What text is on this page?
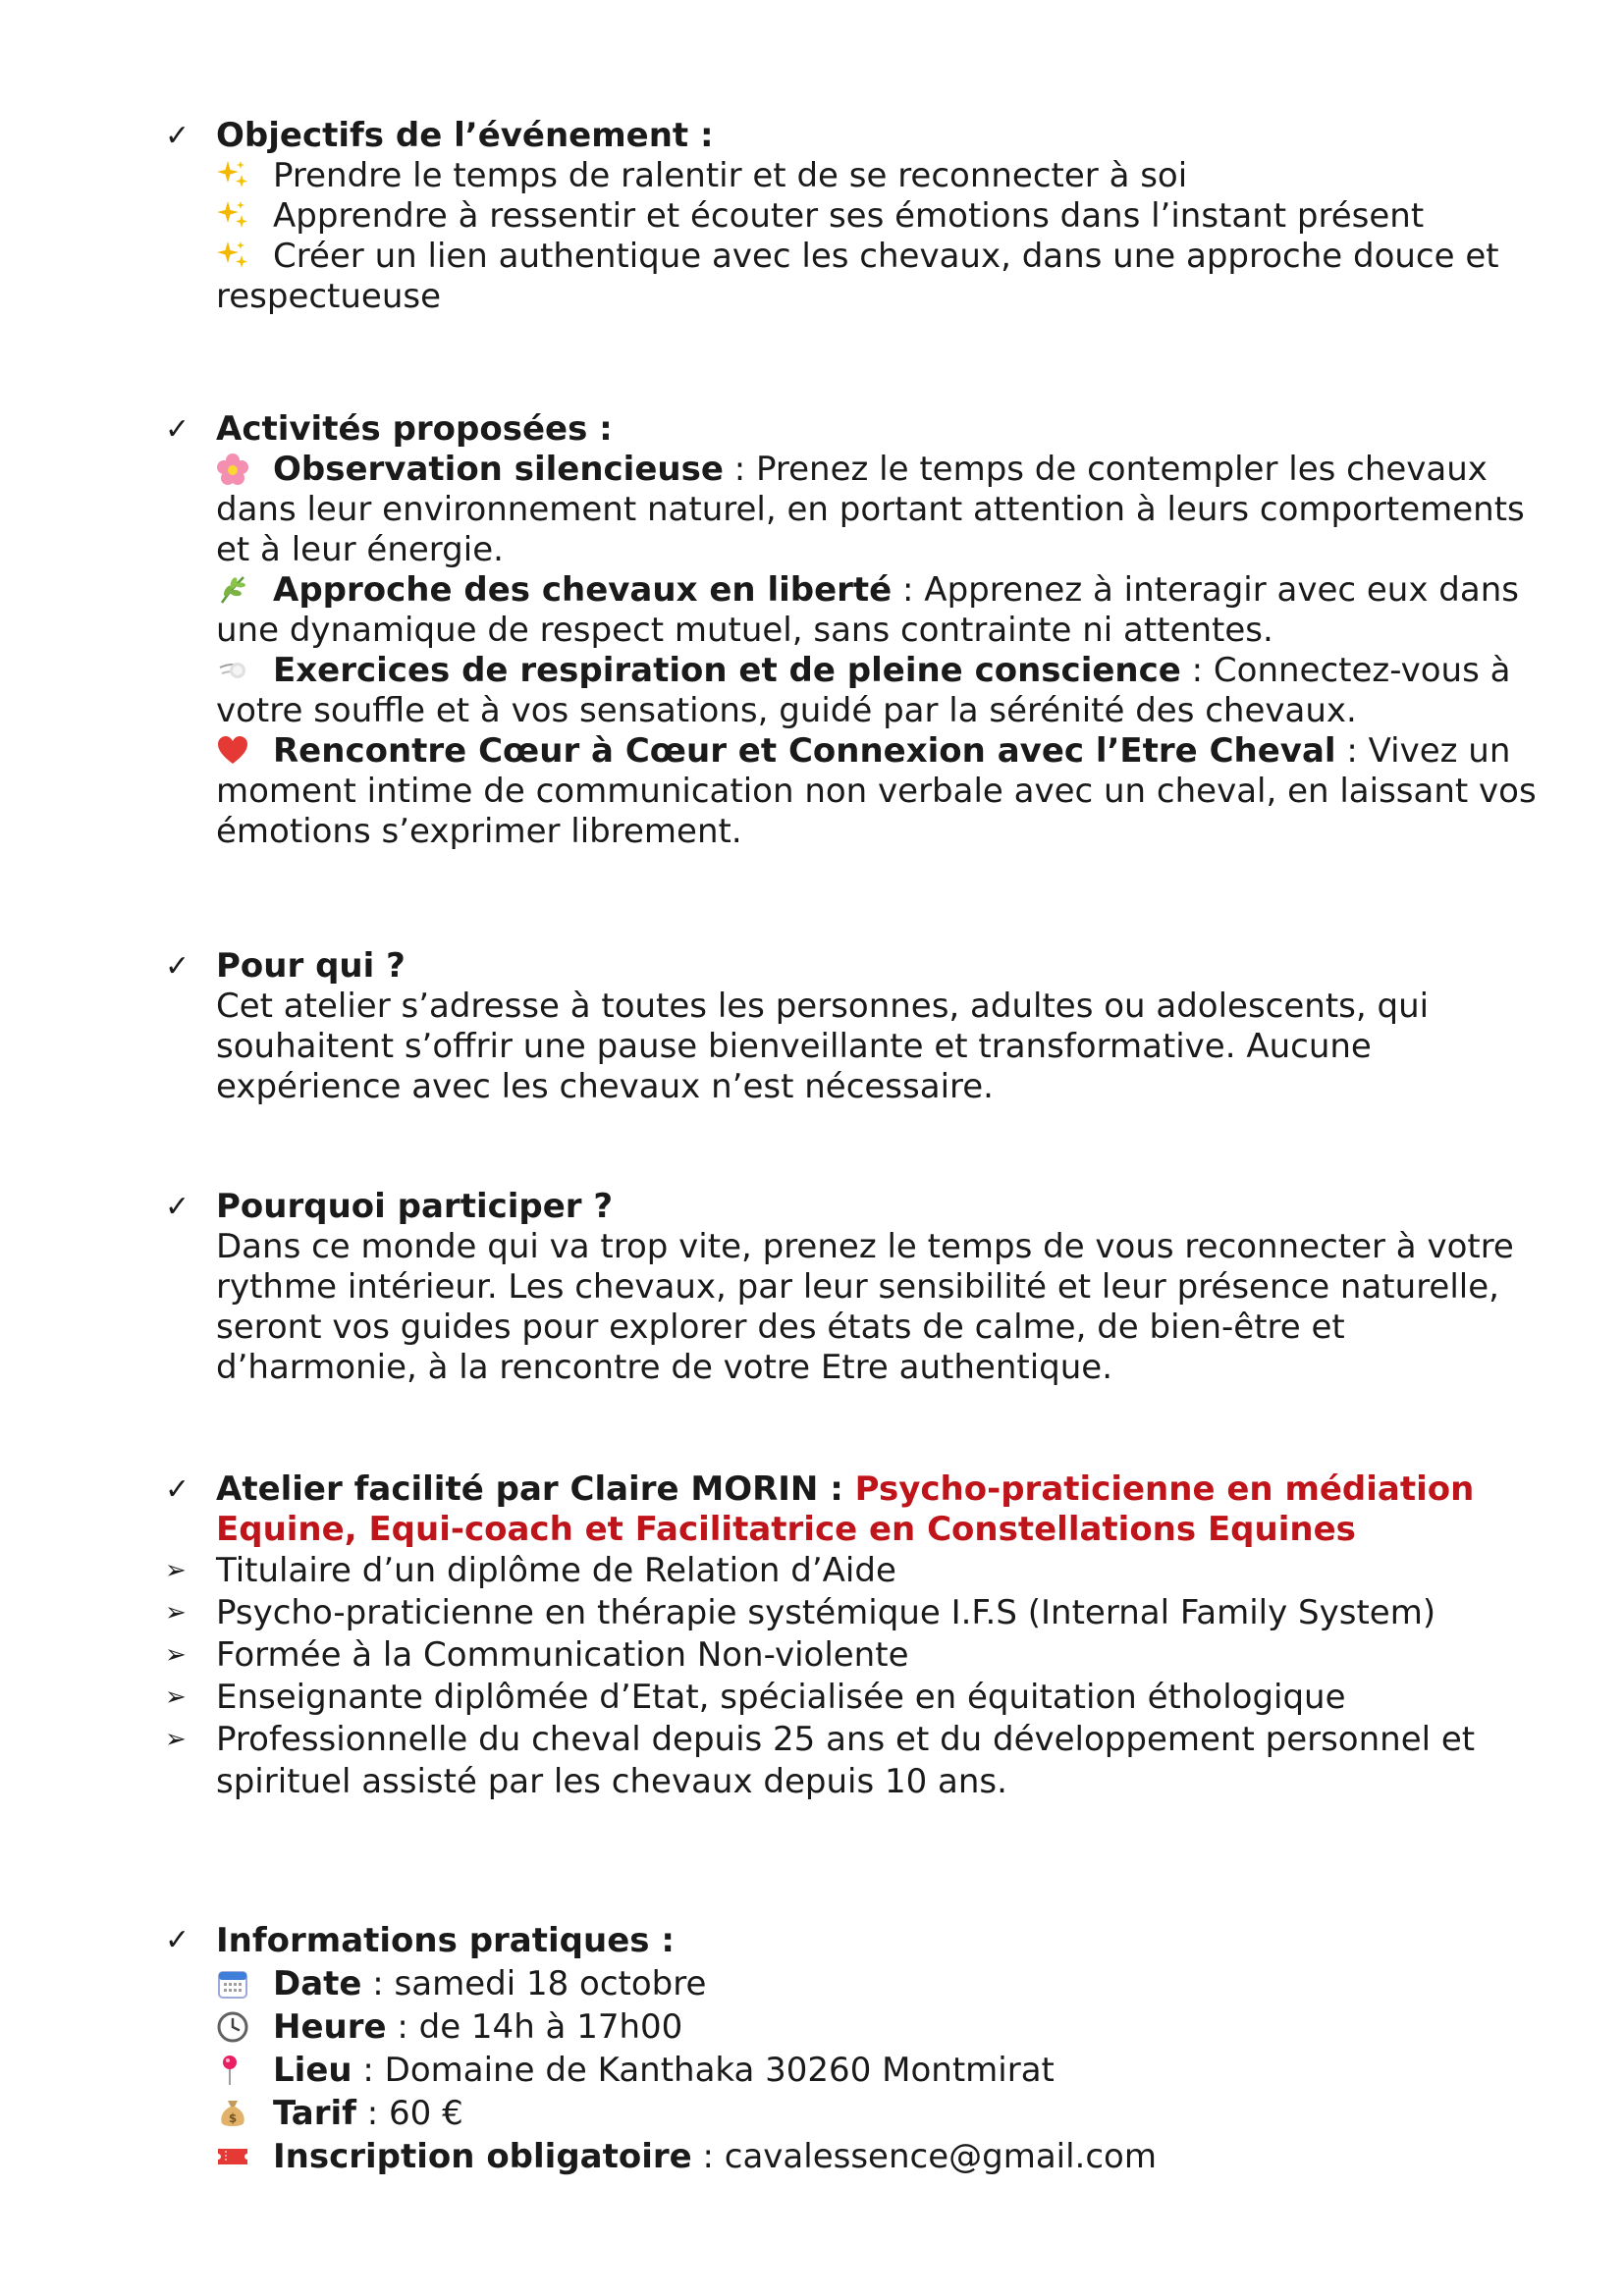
✓ Objectifs de l’événement :
Prendre le temps de ralentir et de se reconnecter à soi
Apprendre à ressentir et écouter ses émotions dans l’instant présent
Créer un lien authentique avec les chevaux, dans une approche douce et respectueuse
✓ Activités proposées :
Observation silencieuse : Prenez le temps de contempler les chevaux dans leur environnement naturel, en portant attention à leurs comportements et à leur énergie.
Approche des chevaux en liberté : Apprenez à interagir avec eux dans une dynamique de respect mutuel, sans contrainte ni attentes.
Exercices de respiration et de pleine conscience : Connectez-vous à votre souffle et à vos sensations, guidé par la sérénité des chevaux.
Rencontre Cœur à Cœur et Connexion avec l’Etre Cheval : Vivez un moment intime de communication non verbale avec un cheval, en laissant vos émotions s’exprimer librement.
✓ Pour qui ?
Cet atelier s’adresse à toutes les personnes, adultes ou adolescents, qui souhaitent s’offrir une pause bienveillante et transformative. Aucune expérience avec les chevaux n’est nécessaire.
✓ Pourquoi participer ?
Dans ce monde qui va trop vite, prenez le temps de vous reconnecter à votre rythme intérieur. Les chevaux, par leur sensibilité et leur présence naturelle, seront vos guides pour explorer des états de calme, de bien-être et d’harmonie, à la rencontre de votre Etre authentique.
✓ Atelier facilité par Claire MORIN : Psycho-praticienne en médiation Equine, Equi-coach et Facilitatrice en Constellations Equines
➢ Titulaire d’un diplôme de Relation d’Aide
➢ Psycho-praticienne en thérapie systémique I.F.S (Internal Family System)
➢ Formée à la Communication Non-violente
➢ Enseignante diplômée d’Etat, spécialisée en équitation éthologique
➢ Professionnelle du cheval depuis 25 ans et du développement personnel et spirituel assisté par les chevaux depuis 10 ans.
✓ Informations pratiques :
Date : samedi 18 octobre
Heure : de 14h à 17h00
Lieu : Domaine de Kanthaka 30260 Montmirat
$ Tarif : 60 €
Inscription obligatoire : cavalessence@gmail.com
